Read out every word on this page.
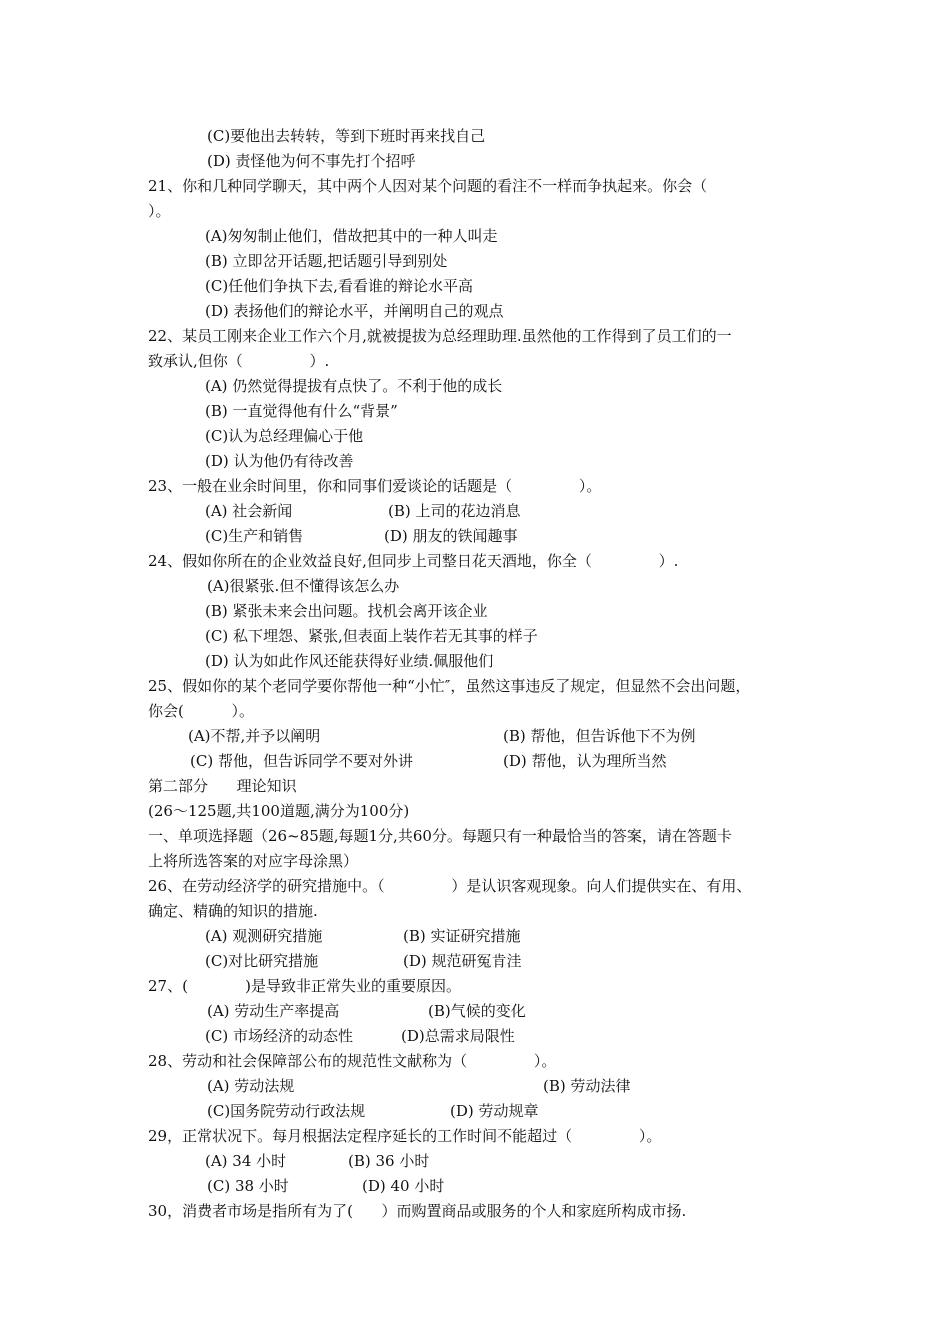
(C)要他出去转转，等到下班时再来找自己
(D) 责怪他为何不事先打个招呼
21、你和几种同学聊天，其中两个人因对某个问题的看注不一样而争执起来。你会（
）。
(A)匆匆制止他们，借故把其中的一种人叫走
(B) 立即岔开话题,把话题引导到别处
(C)任他们争执下去,看看谁的辩论水平高
(D) 表扬他们的辩论水平，并阐明自己的观点
22、某员工刚来企业工作六个月,就被提拔为总经理助理.虽然他的工作得到了员工们的一
致承认,但你（              ）.
(A) 仍然觉得提拔有点快了。不利于他的成长
(B) 一直觉得他有什么“背景”
(C)认为总经理偏心于他
(D) 认为他仍有待改善
23、一般在业余时间里，你和同事们爱谈论的话题是（              ）。
(A) 社会新闻	(B) 上司的花边消息
(C)生产和销售	(D) 朋友的铁闻趣事
24、假如你所在的企业效益良好,但同步上司整日花天酒地，你全（              ）.
(A)很紧张.但不懂得该怎么办
(B) 紧张未来会出问题。找机会离开该企业
(C) 私下埋怨、紧张,但表面上装作若无其事的样子
(D) 认为如此作风还能获得好业绩.佩服他们
25、假如你的某个老同学要你帮他一种“小忙″，虽然这事违反了规定，但显然不会出问题，
你会(          ）。
(A)不帮,并予以阐明	(B) 帮他，但告诉他下不为例
(C) 帮他，但告诉同学不要对外讲	(D) 帮他，认为理所当然
第二部分      理论知识
(26～125题,共100道题,满分为100分)
一、单项选择题（26~85题,每题1分,共60分。每题只有一种最恰当的答案，请在答题卡
上将所选答案的对应字母涂黑）
26、在劳动经济学的研究措施中。（              ）是认识客观现象。向人们提供实在、有用、
确定、精确的知识的措施.
(A) 观测研究措施	(B) 实证研究措施
(C)对比研究措施	(D) 规范研冤肯洼
27、(            )是导致非正常失业的重要原因。
(A) 劳动生产率提高	(B)气候的变化
(C) 市场经济的动态性	(D)总需求局限性
28、劳动和社会保障部公布的规范性文献称为（              ）。
(A) 劳动法规	(B) 劳动法律
(C)国务院劳动行政法规	(D) 劳动规章
29，正常状况下。每月根据法定程序延长的工作时间不能超过（              ）。
(A) 34 小时	(B) 36 小时
(C) 38 小时	(D) 40 小时
30，消费者市场是指所有为了(      ）而购置商品或服务的个人和家庭所构成市扬.
